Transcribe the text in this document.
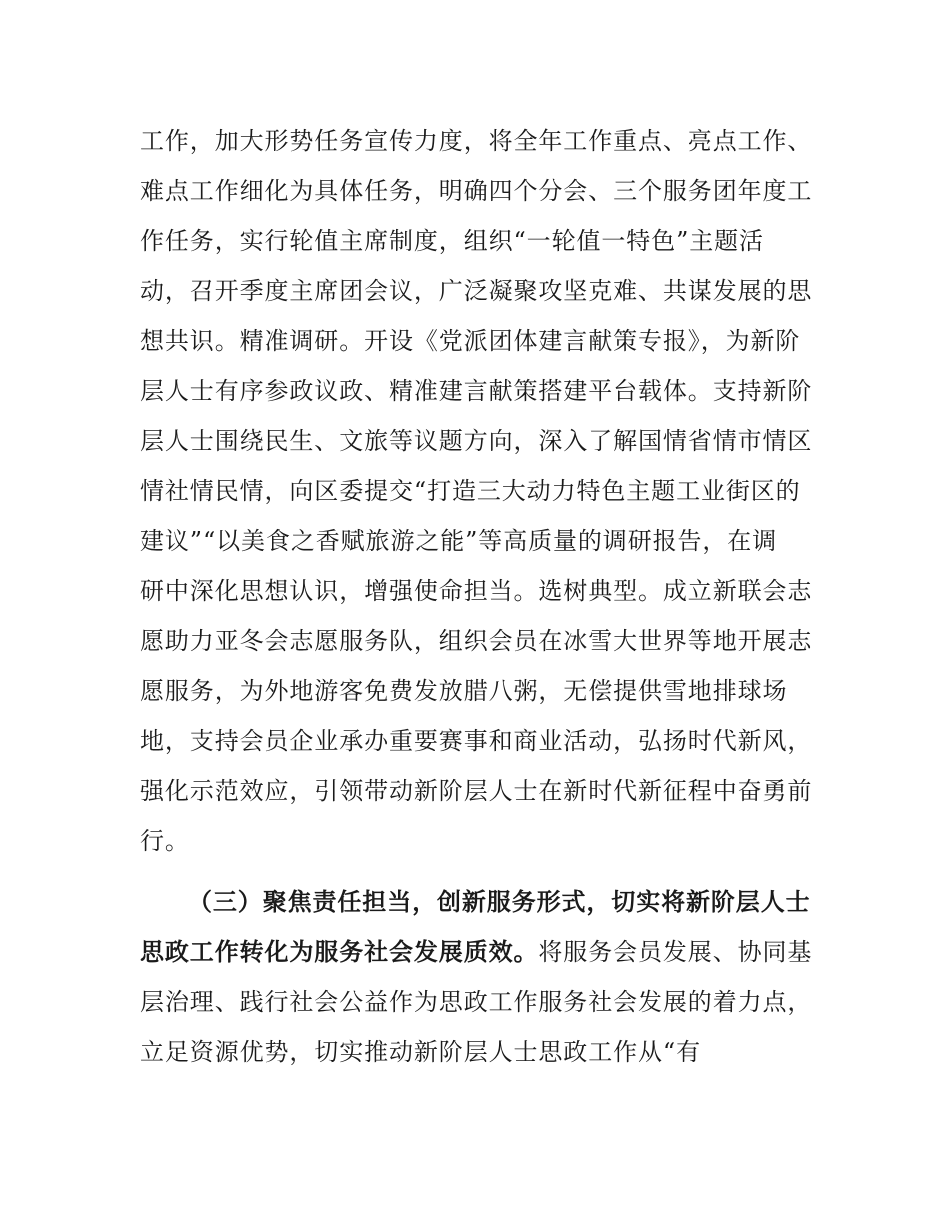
工作，加大形势任务宣传力度，将全年工作重点、亮点工作、
难点工作细化为具体任务，明确四个分会、三个服务团年度工
作任务，实行轮值主席制度，组织“一轮值一特色”主题活
动，召开季度主席团会议，广泛凝聚攻坚克难、共谋发展的思
想共识。精准调研。开设《党派团体建言献策专报》，为新阶
层人士有序参政议政、精准建言献策搭建平台载体。支持新阶
层人士围绕民生、文旅等议题方向，深入了解国情省情市情区
情社情民情，向区委提交“打造三大动力特色主题工业街区的
建议”“以美食之香赋旅游之能”等高质量的调研报告，在调
研中深化思想认识，增强使命担当。选树典型。成立新联会志
愿助力亚冬会志愿服务队，组织会员在冰雪大世界等地开展志
愿服务，为外地游客免费发放腊八粥，无偿提供雪地排球场
地，支持会员企业承办重要赛事和商业活动，弘扬时代新风，
强化示范效应，引领带动新阶层人士在新时代新征程中奋勇前
行。
（三）聚焦责任担当，创新服务形式，切实将新阶层人士
思政工作转化为服务社会发展质效。将服务会员发展、协同基
层治理、践行社会公益作为思政工作服务社会发展的着力点，
立足资源优势，切实推动新阶层人士思政工作从“有
